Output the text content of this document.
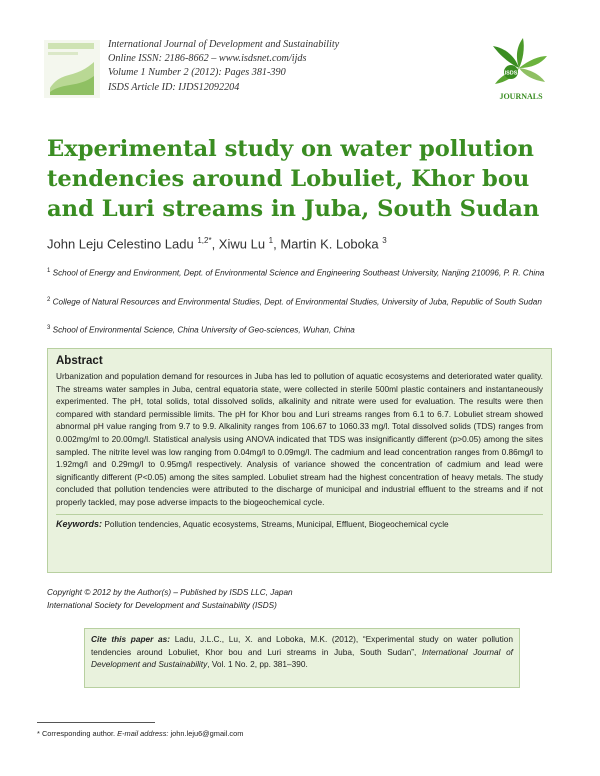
International Journal of Development and Sustainability
Online ISSN: 2186-8662 – www.isdsnet.com/ijds
Volume 1 Number 2 (2012): Pages 381-390
ISDS Article ID: IJDS12092204
ISDS
JOURNALS
Experimental study on water pollution tendencies around Lobuliet, Khor bou and Luri streams in Juba, South Sudan
John Leju Celestino Ladu $^{1,2*}$, Xiwu Lu $^1$, Martin K. Loboka $^3$
$^1$ School of Energy and Environment, Dept. of Environmental Science and Engineering Southeast University, Nanjing 210096, P. R. China
$^2$ College of Natural Resources and Environmental Studies, Dept. of Environmental Studies, University of Juba, Republic of South Sudan
$^3$ School of Environmental Science, China University of Geo-sciences, Wuhan, China

Abstract

Urbanization and population demand for resources in Juba has led to pollution of aquatic ecosystems and deteriorated water quality. The streams water samples in Juba, central equatoria state, were collected in sterile 500ml plastic containers and instantaneously experimented. The pH, total solids, total dissolved solids, alkalinity and nitrate were used for evaluation. The results were then compared with standard permissible limits. The pH for Khor bou and Luri streams ranges from 6.1 to 6.7. Lobuliet stream showed abnormal pH value ranging from 9.7 to 9.9. Alkalinity ranges from 106.67 to 1060.33 mg/l. Total dissolved solids (TDS) ranges from 0.002mg/ml to 20.00mg/l. Statistical analysis using ANOVA indicated that TDS was insignificantly different (p>0.05) among the sites sampled. The nitrite level was low ranging from 0.04mg/l to 0.09mg/l. The cadmium and lead concentration ranges from 0.86mg/l to 1.92mg/l and 0.29mg/l to 0.95mg/l respectively. Analysis of variance showed the concentration of cadmium and lead were significantly different (P<0.05) among the sites sampled. Lobuliet stream had the highest concentration of heavy metals. The study concluded that pollution tendencies were attributed to the discharge of municipal and industrial effluent to the streams and if not properly tackled, may pose adverse impacts to the biogeochemical cycle.
Keywords: Pollution tendencies, Aquatic ecosystems, Streams, Municipal, Effluent, Biogeochemical cycle
Copyright © 2012 by the Author(s) – Published by ISDS LLC, Japan
International Society for Development and Sustainability (ISDS)
Cite this paper as: Ladu, J.L.C., Lu, X. and Loboka, M.K. (2012), “Experimental study on water pollution tendencies around Lobuliet, Khor bou and Luri streams in Juba, South Sudan”, International Journal of Development and Sustainability, Vol. 1 No. 2, pp. 381–390.
* Corresponding author. E-mail address: john.leju6@gmail.com
